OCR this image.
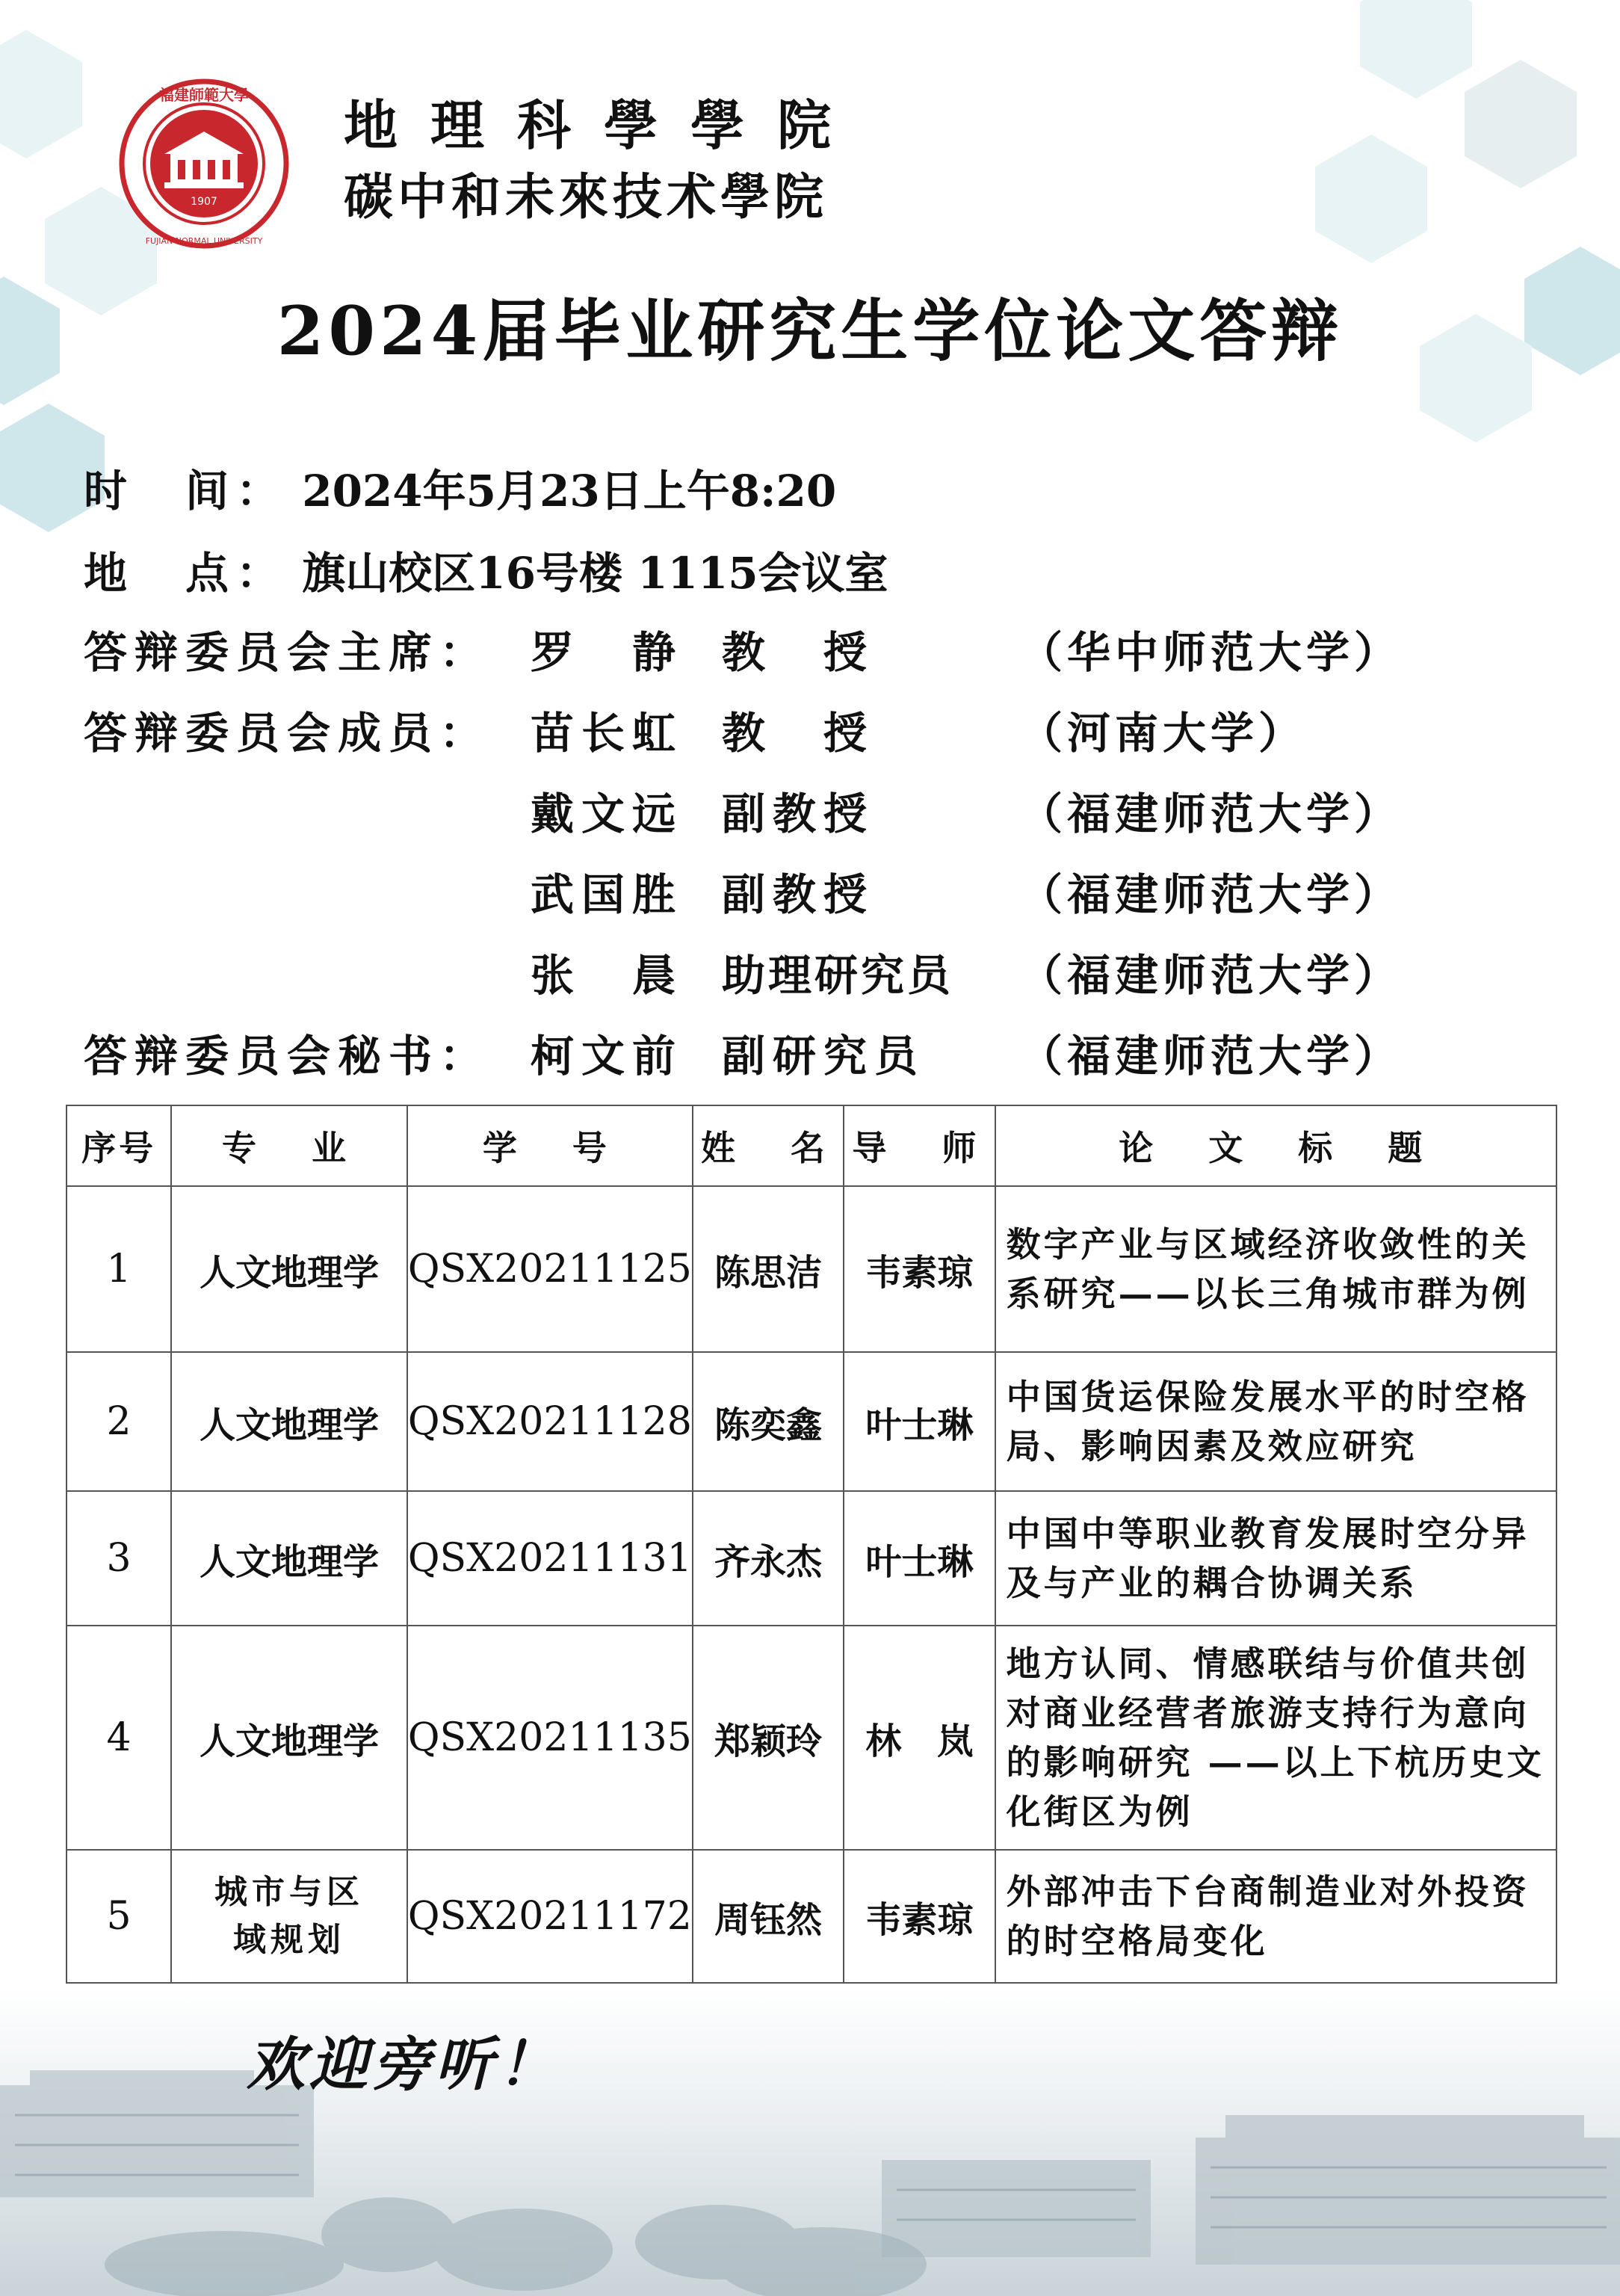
1907
福建師範大學
FUJIAN NORMAL UNIVERSITY
地理科學學院
碳中和未來技术學院
2024届毕业研究生学位论文答辩
时　间： 2024年5月23日上午8:20
地　点： 旗山校区16号楼 1115会议室
答辩委员会主席： 罗　静 教　授	（华中师范大学）
答辩委员会成员： 苗长虹 教　授	（河南大学）
戴文远 副教授	（福建师范大学）
武国胜 副教授	（福建师范大学）
张　晨 助理研究员 （福建师范大学）
答辩委员会秘书： 柯文前 副研究员 （福建师范大学）
序号	专　业	学　号	姓　名	导　师	论　文　标　题
1	人文地理学	QSX20211125	陈思洁	韦素琼	数字产业与区域经济收敛性的关系研究——以长三角城市群为例
2	人文地理学	QSX20211128	陈奕鑫	叶士琳	中国货运保险发展水平的时空格局、影响因素及效应研究
3	人文地理学	QSX20211131	齐永杰	叶士琳	中国中等职业教育发展时空分异及与产业的耦合协调关系
4	人文地理学	QSX20211135	郑颖玲	林　岚	地方认同、情感联结与价值共创对商业经营者旅游支持行为意向的影响研究 ——以上下杭历史文化街区为例
5	城市与区域规划	QSX20211172	周钰然	韦素琼	外部冲击下台商制造业对外投资的时空格局变化
欢迎旁听！
